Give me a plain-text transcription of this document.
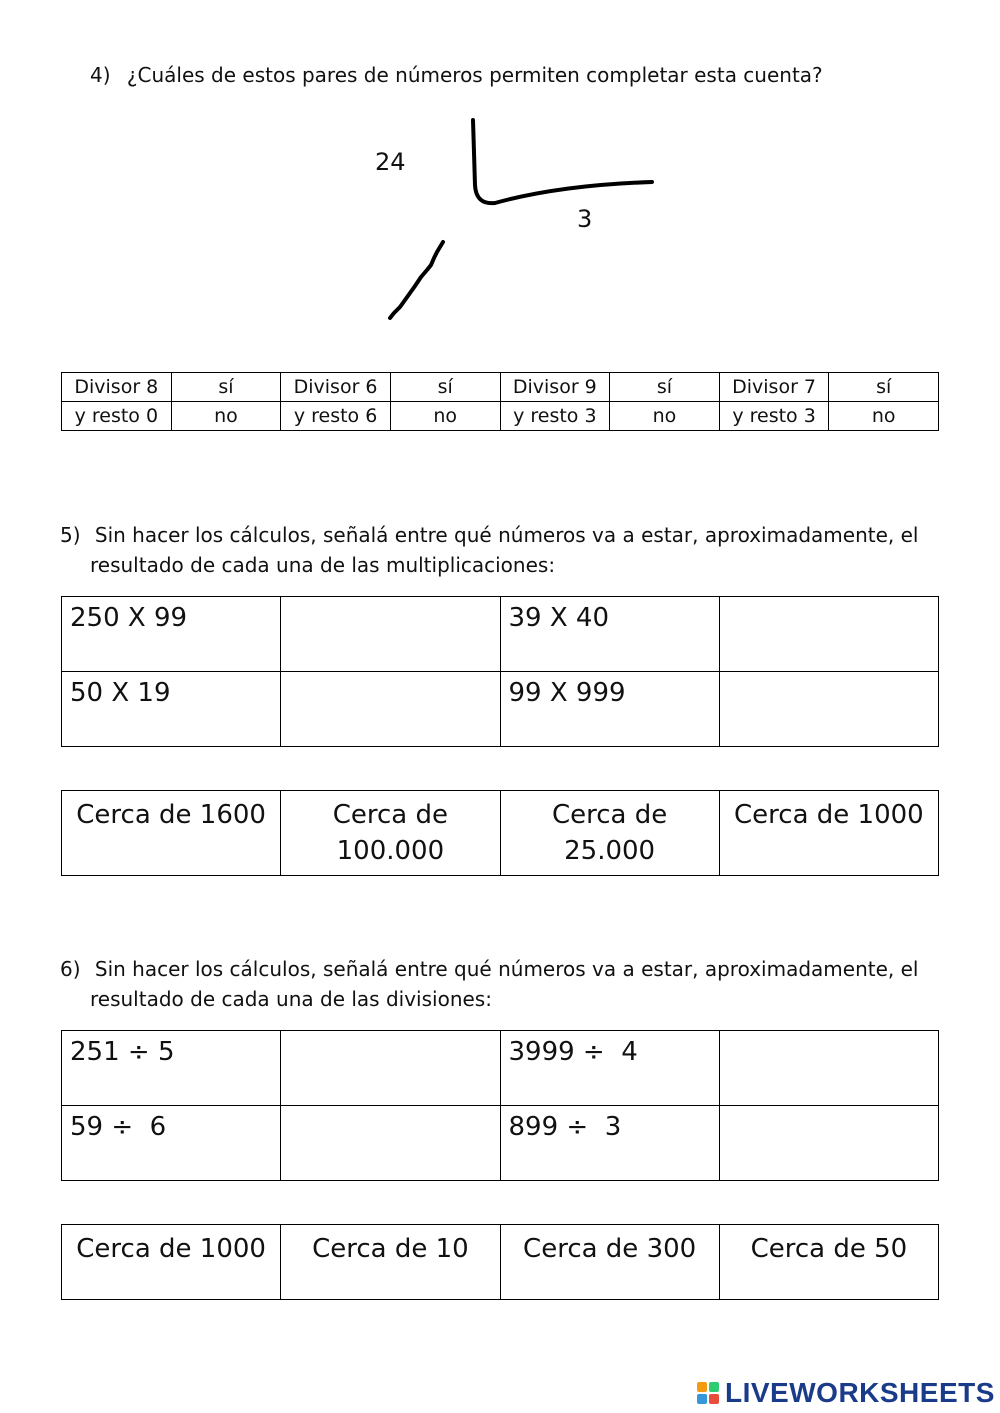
4) ¿Cuáles de estos pares de números permiten completar esta cuenta?
24
3
Divisor 8	sí	Divisor 6	sí	Divisor 9	sí	Divisor 7	sí
y resto 0	no	y resto 6	no	y resto 3	no	y resto 3	no
5) Sin hacer los cálculos, señalá entre qué números va a estar, aproximadamente, el
resultado de cada una de las multiplicaciones:
250 X 99		39 X 40	
50 X 19		99 X 999	
Cerca de 1600	Cerca de 100.000	Cerca de 25.000	Cerca de 1000
6) Sin hacer los cálculos, señalá entre qué números va a estar, aproximadamente, el
resultado de cada una de las divisiones:
251 ÷ 5		3999 ÷  4	
59 ÷  6		899 ÷  3	
Cerca de 1000	Cerca de 10	Cerca de 300	Cerca de 50
LIVEWORKSHEETS
